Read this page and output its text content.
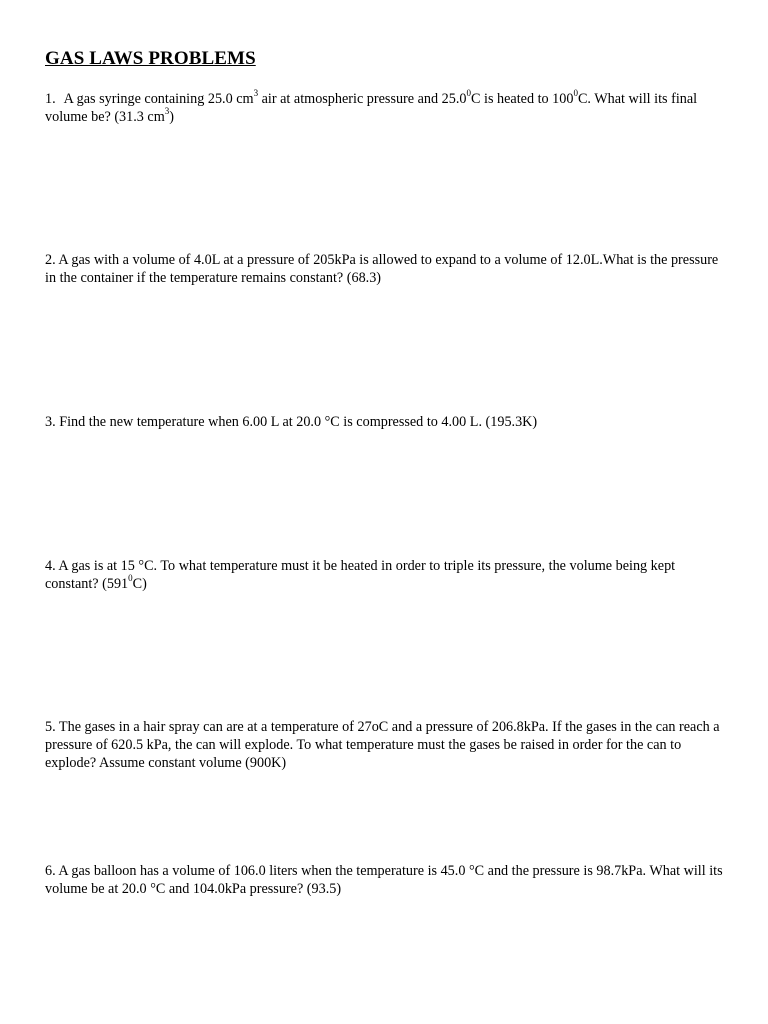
GAS LAWS PROBLEMS
1. A gas syringe containing 25.0 $cm^3$ air at atmospheric pressure and 25.0$^0$C is heated to $100^0C$. What will its final volume be? (31.3 $cm^3$)
2. A gas with a volume of 4.0L at a pressure of 205kPa is allowed to expand to a volume of 12.0L.What is the pressure in the container if the temperature remains constant? (68.3)
3. Find the new temperature when 6.00 L at 20.0 °C is compressed to 4.00 L. (195.3K)
4. A gas is at 15 °C. To what temperature must it be heated in order to triple its pressure, the volume being kept constant? $(591^0C)$
5. The gases in a hair spray can are at a temperature of 27oC and a pressure of 206.8kPa. If the gases in the can reach a pressure of 620.5 kPa, the can will explode. To what temperature must the gases be raised in order for the can to explode? Assume constant volume (900K)
6. A gas balloon has a volume of 106.0 liters when the temperature is 45.0 °C and the pressure is 98.7kPa. What will its volume be at 20.0 °C and 104.0kPa pressure? (93.5)
